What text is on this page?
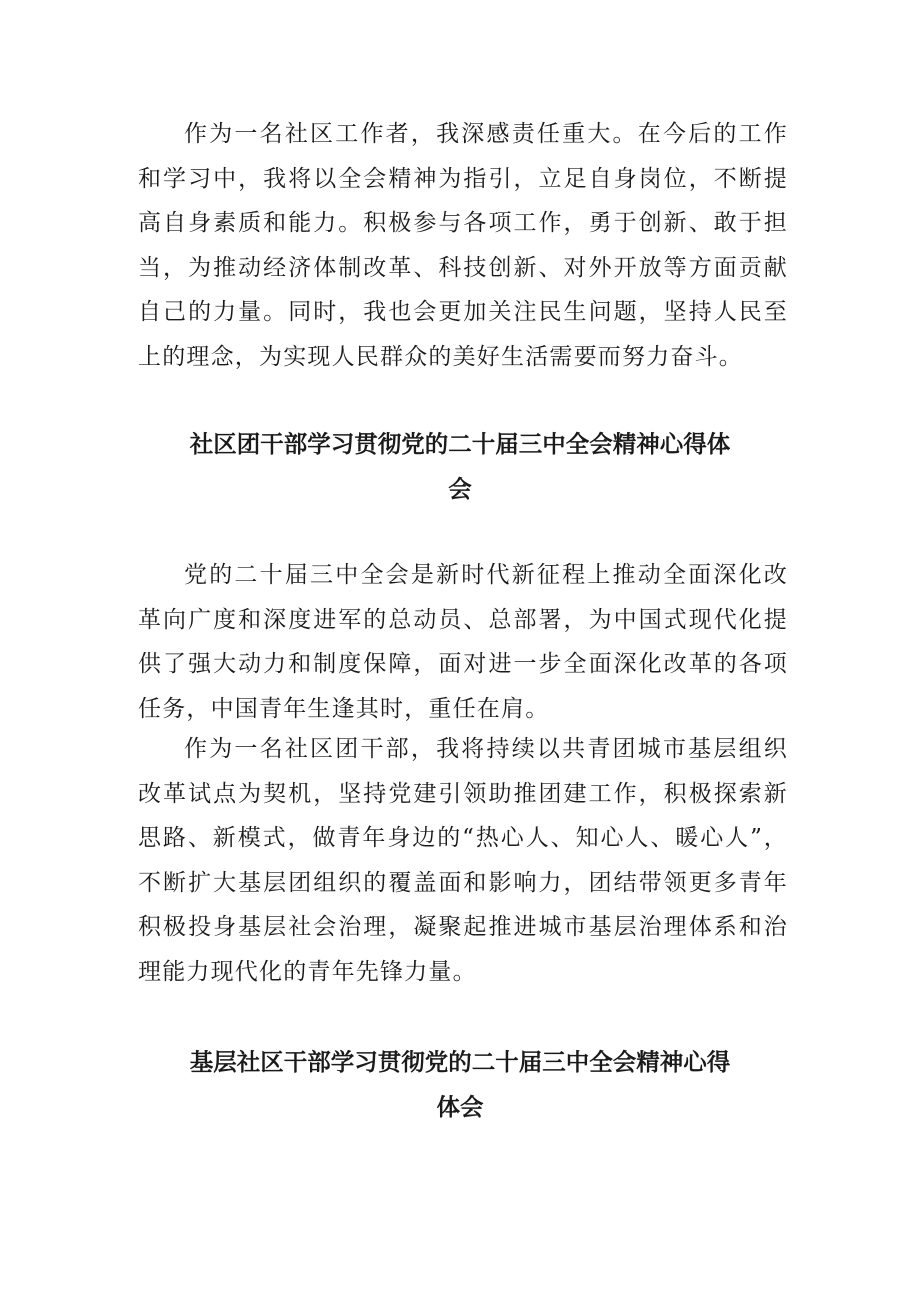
作为一名社区工作者，我深感责任重大。在今后的工作和学习中，我将以全会精神为指引，立足自身岗位，不断提高自身素质和能力。积极参与各项工作，勇于创新、敢于担当，为推动经济体制改革、科技创新、对外开放等方面贡献自己的力量。同时，我也会更加关注民生问题，坚持人民至上的理念，为实现人民群众的美好生活需要而努力奋斗。

社区团干部学习贯彻党的二十届三中全会精神心得体
会

党的二十届三中全会是新时代新征程上推动全面深化改革向广度和深度进军的总动员、总部署，为中国式现代化提供了强大动力和制度保障，面对进一步全面深化改革的各项任务，中国青年生逢其时，重任在肩。

作为一名社区团干部，我将持续以共青团城市基层组织改革试点为契机，坚持党建引领助推团建工作，积极探索新思路、新模式，做青年身边的“热心人、知心人、暖心人”，不断扩大基层团组织的覆盖面和影响力，团结带领更多青年积极投身基层社会治理，凝聚起推进城市基层治理体系和治理能力现代化的青年先锋力量。

基层社区干部学习贯彻党的二十届三中全会精神心得
体会
